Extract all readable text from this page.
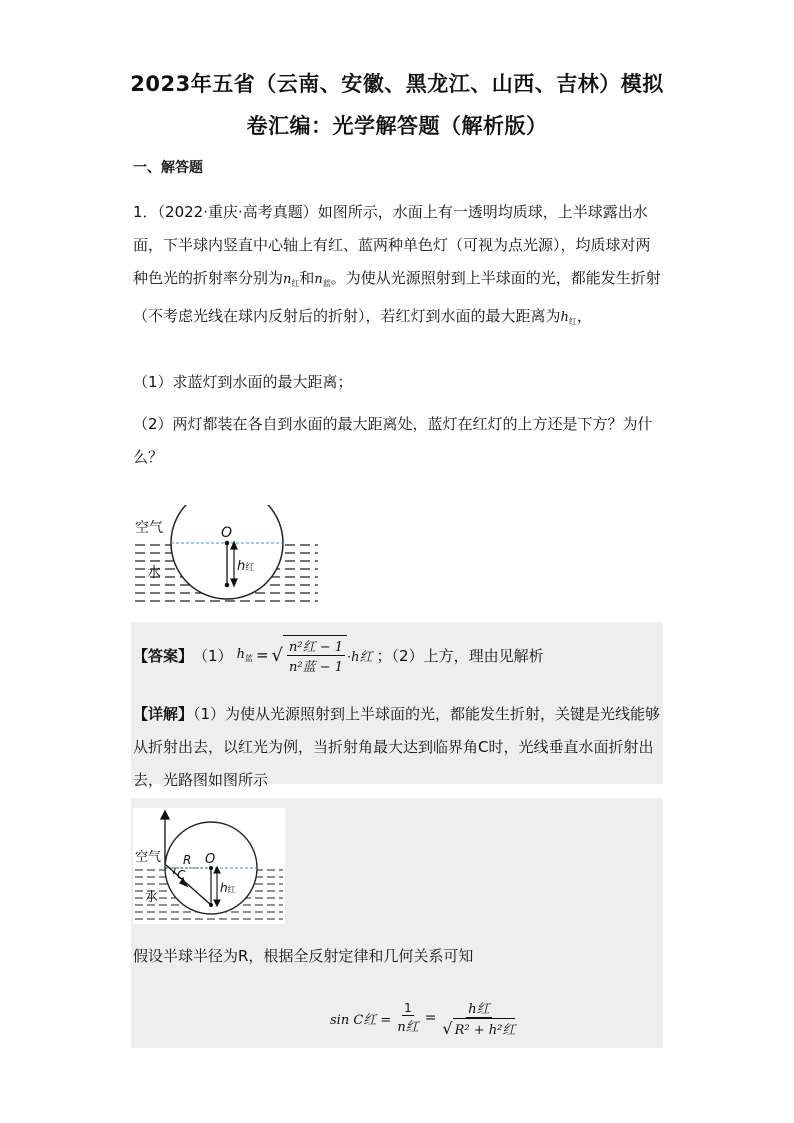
2023年五省（云南、安徽、黑龙江、山西、吉林）模拟
卷汇编：光学解答题（解析版）
一、解答题
1．（2022·重庆·高考真题）如图所示，水面上有一透明均质球，上半球露出水面，下半球内竖直中心轴上有红、蓝两种单色灯（可视为点光源），均质球对两种色光的折射率分别为$n_红$和$n_蓝$。为使从光源照射到上半球面的光，都能发生折射（不考虑光线在球内反射后的折射），若红灯到水面的最大距离为$h_红$，
（1）求蓝灯到水面的最大距离；
（2）两灯都装在各自到水面的最大距离处，蓝灯在红灯的上方还是下方？为什么？
空气
水
O
h红
【答案】 （1） $h_蓝$ = √ $\frac{\text{n²红 − 1}}{\text{n²蓝 − 1}} \cdot h$红 ；（2）上方，理由见解析
【详解】（1）为使从光源照射到上半球面的光，都能发生折射，关键是光线能够从折射出去，以红光为例，当折射角最大达到临界角C时，光线垂直水面折射出去，光路图如图所示
空气
水
O
R
C
h红
假设半球半径为R，根据全反射定律和几何关系可知
sin C红 = $\frac{1}{\text{n红}} = \frac{\text{h红}}{\text{√ R² + h²红}}$
